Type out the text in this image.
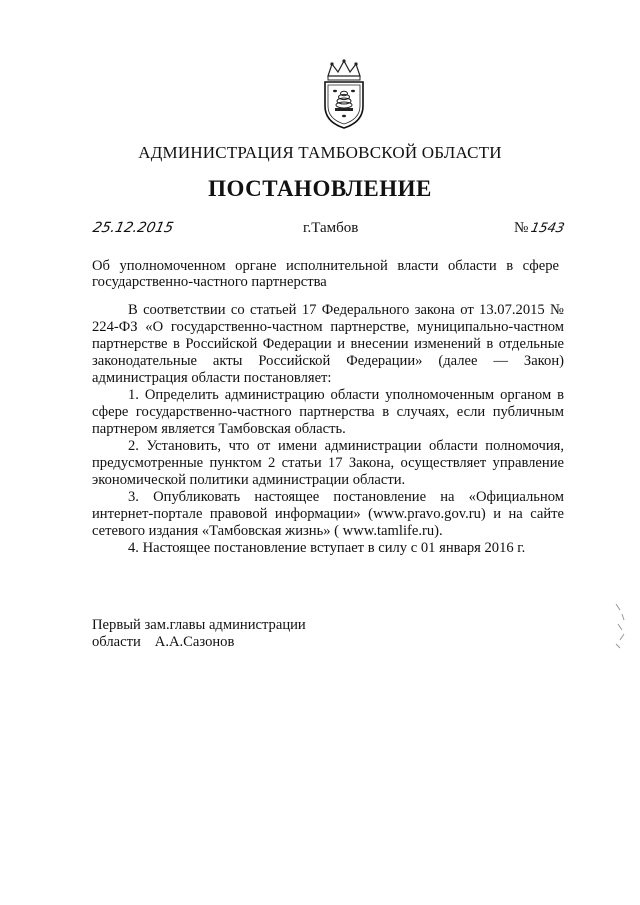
АДМИНИСТРАЦИЯ ТАМБОВСКОЙ ОБЛАСТИ
ПОСТАНОВЛЕНИЕ
25.12.2015	г.Тамбов	№1543
Об уполномоченном органе исполнительной власти области в сфере государственно-частного партнерства

В соответствии со статьей 17 Федерального закона от 13.07.2015 № 224-ФЗ «О государственно-частном партнерстве, муниципально-частном партнерстве в Российской Федерации и внесении изменений в отдельные законодательные акты Российской Федерации» (далее — Закон) администрация области постановляет:

1. Определить администрацию области уполномоченным органом в сфере государственно-частного партнерства в случаях, если публичным партнером является Тамбовская область.

2. Установить, что от имени администрации области полномочия, предусмотренные пунктом 2 статьи 17 Закона, осуществляет управление экономической политики администрации области.

3. Опубликовать настоящее постановление на «Официальном интернет-портале правовой информации» (www.pravo.gov.ru) и на сайте сетевого издания «Тамбовская жизнь» ( www.tamlife.ru).

4. Настоящее постановление вступает в силу с 01 января 2016 г.

Первый зам.главы администрации
области А.А.Сазонов
